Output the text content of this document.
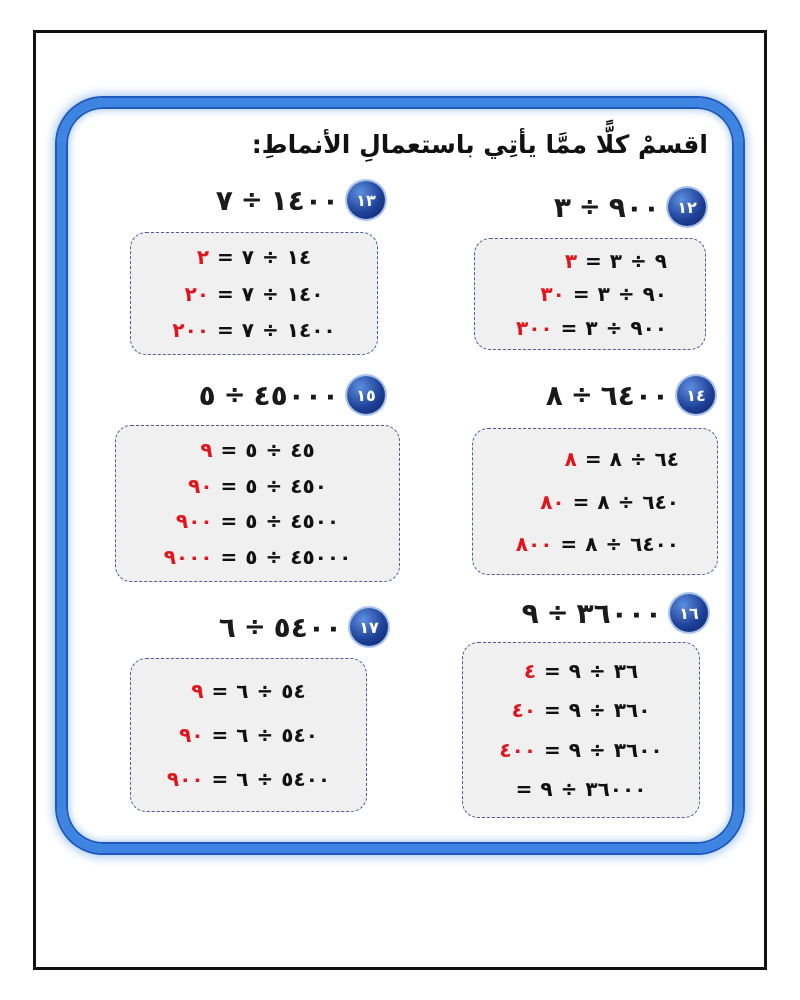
اقسمْ كلًّا ممَّا يأتِي باستعمالِ الأنماطِ:
١٢
٩٠٠
÷
٣
٩
÷
٣
=
٣
٩٠
÷
٣
=
٣٠
٩٠٠
÷
٣
=
٣٠٠
١٣
١٤٠٠
÷
٧
١٤
÷
٧
=
٢
١٤٠
÷
٧
=
٢٠
١٤٠٠
÷
٧
=
٢٠٠
١٤
٦٤٠٠
÷
٨
٦٤
÷
٨
=
٨
٦٤٠
÷
٨
=
٨٠
٦٤٠٠
÷
٨
=
٨٠٠
١٥
٤٥٠٠٠
÷
٥
٤٥
÷
٥
=
٩
٤٥٠
÷
٥
=
٩٠
٤٥٠٠
÷
٥
=
٩٠٠
٤٥٠٠٠
÷
٥
=
٩٠٠٠
١٦
٣٦٠٠٠
÷
٩
٣٦
÷
٩
=
٤
٣٦٠
÷
٩
=
٤٠
٣٦٠٠
÷
٩
=
٤٠٠
٣٦٠٠٠
÷
٩
=
١٧
٥٤٠٠
÷
٦
٥٤
÷
٦
=
٩
٥٤٠
÷
٦
=
٩٠
٥٤٠٠
÷
٦
=
٩٠٠
